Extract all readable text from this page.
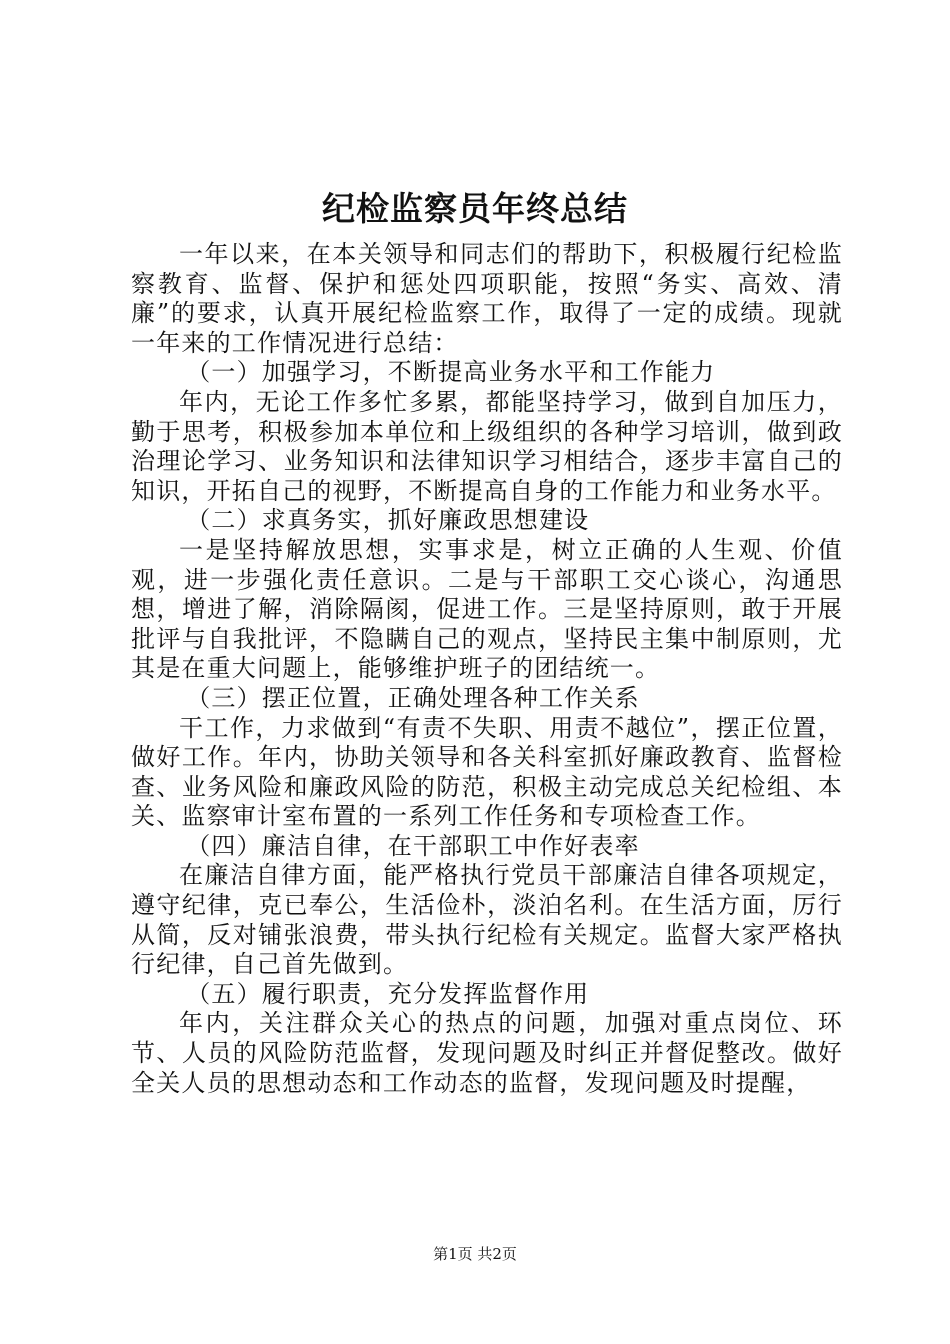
纪检监察员年终总结

一年以来，在本关领导和同志们的帮助下，积极履行纪检监察教育、监督、保护和惩处四项职能，按照“务实、高效、清廉”的要求，认真开展纪检监察工作，取得了一定的成绩。现就一年来的工作情况进行总结：

（一）加强学习，不断提高业务水平和工作能力

年内，无论工作多忙多累，都能坚持学习，做到自加压力，勤于思考，积极参加本单位和上级组织的各种学习培训，做到政治理论学习、业务知识和法律知识学习相结合，逐步丰富自己的知识，开拓自己的视野，不断提高自身的工作能力和业务水平。

（二）求真务实，抓好廉政思想建设

一是坚持解放思想，实事求是，树立正确的人生观、价值观，进一步强化责任意识。二是与干部职工交心谈心，沟通思想，增进了解，消除隔阂，促进工作。三是坚持原则，敢于开展批评与自我批评，不隐瞒自己的观点，坚持民主集中制原则，尤其是在重大问题上，能够维护班子的团结统一。

（三）摆正位置，正确处理各种工作关系

干工作，力求做到“有责不失职、用责不越位”，摆正位置，做好工作。年内，协助关领导和各关科室抓好廉政教育、监督检查、业务风险和廉政风险的防范，积极主动完成总关纪检组、本关、监察审计室布置的一系列工作任务和专项检查工作。

（四）廉洁自律，在干部职工中作好表率

在廉洁自律方面，能严格执行党员干部廉洁自律各项规定，遵守纪律，克已奉公，生活俭朴，淡泊名利。在生活方面，厉行从简，反对铺张浪费，带头执行纪检有关规定。监督大家严格执行纪律，自己首先做到。

（五）履行职责，充分发挥监督作用

年内，关注群众关心的热点的问题，加强对重点岗位、环节、人员的风险防范监督，发现问题及时纠正并督促整改。做好全关人员的思想动态和工作动态的监督，发现问题及时提醒，

第1页 共2页
